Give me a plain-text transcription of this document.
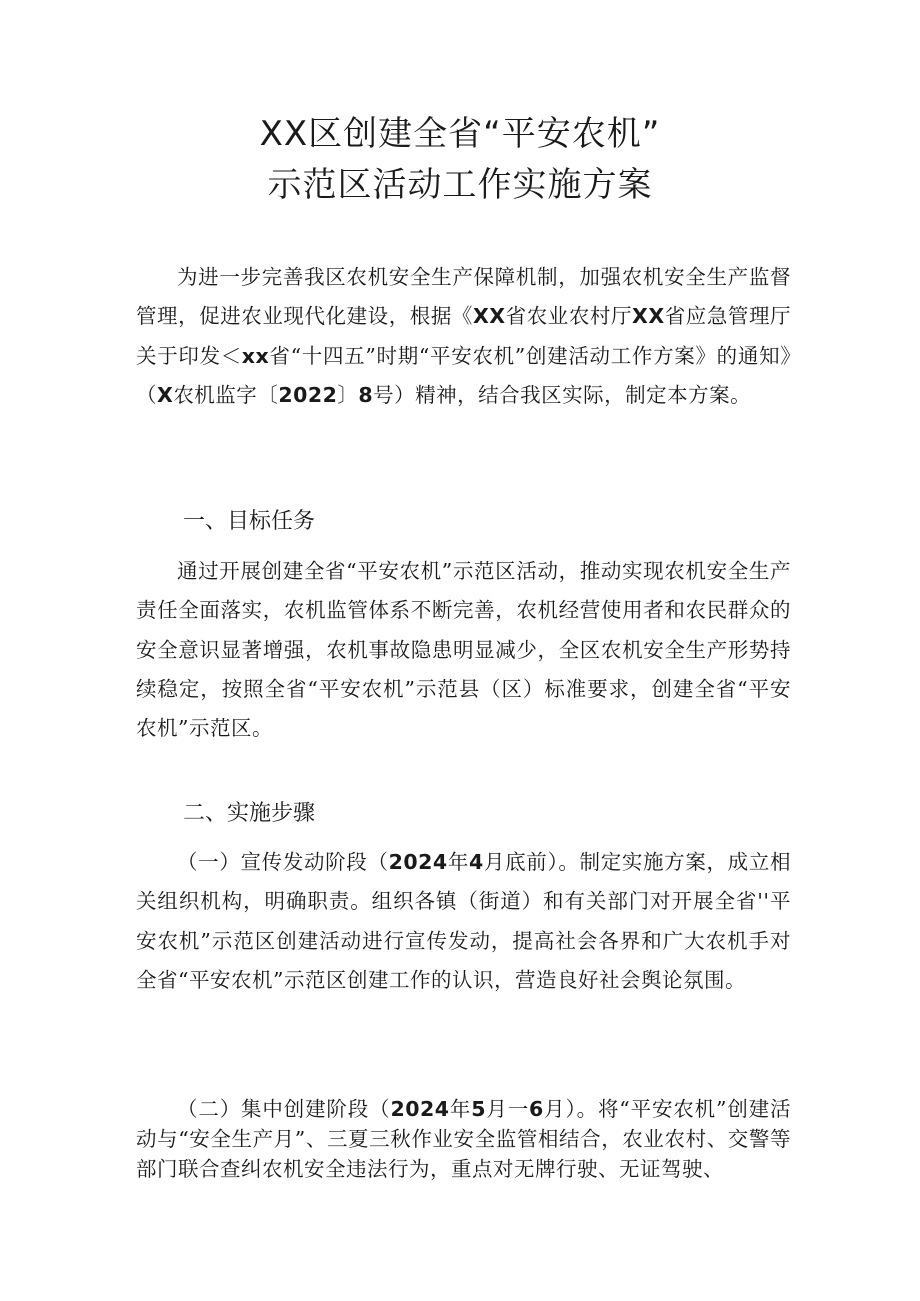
XX区创建全省“平安农机”
示范区活动工作实施方案

为进一步完善我区农机安全生产保障机制，加强农机安全生产监督管理，促进农业现代化建设，根据《XX省农业农村厅XX省应急管理厅关于印发＜xx省“十四五”时期“平安农机”创建活动工作方案》的通知》（X农机监字〔2022〕8号）精神，结合我区实际，制定本方案。

一、目标任务

通过开展创建全省“平安农机”示范区活动，推动实现农机安全生产责任全面落实，农机监管体系不断完善，农机经营使用者和农民群众的安全意识显著增强，农机事故隐患明显减少，全区农机安全生产形势持续稳定，按照全省“平安农机”示范县（区）标准要求，创建全省“平安农机”示范区。

二、实施步骤

（一）宣传发动阶段（2024年4月底前）。制定实施方案，成立相关组织机构，明确职责。组织各镇（街道）和有关部门对开展全省''平安农机”示范区创建活动进行宣传发动，提高社会各界和广大农机手对全省“平安农机”示范区创建工作的认识，营造良好社会舆论氛围。

（二）集中创建阶段（2024年5月一6月）。将“平安农机”创建活动与“安全生产月”、三夏三秋作业安全监管相结合，农业农村、交警等部门联合查纠农机安全违法行为，重点对无牌行驶、无证驾驶、
